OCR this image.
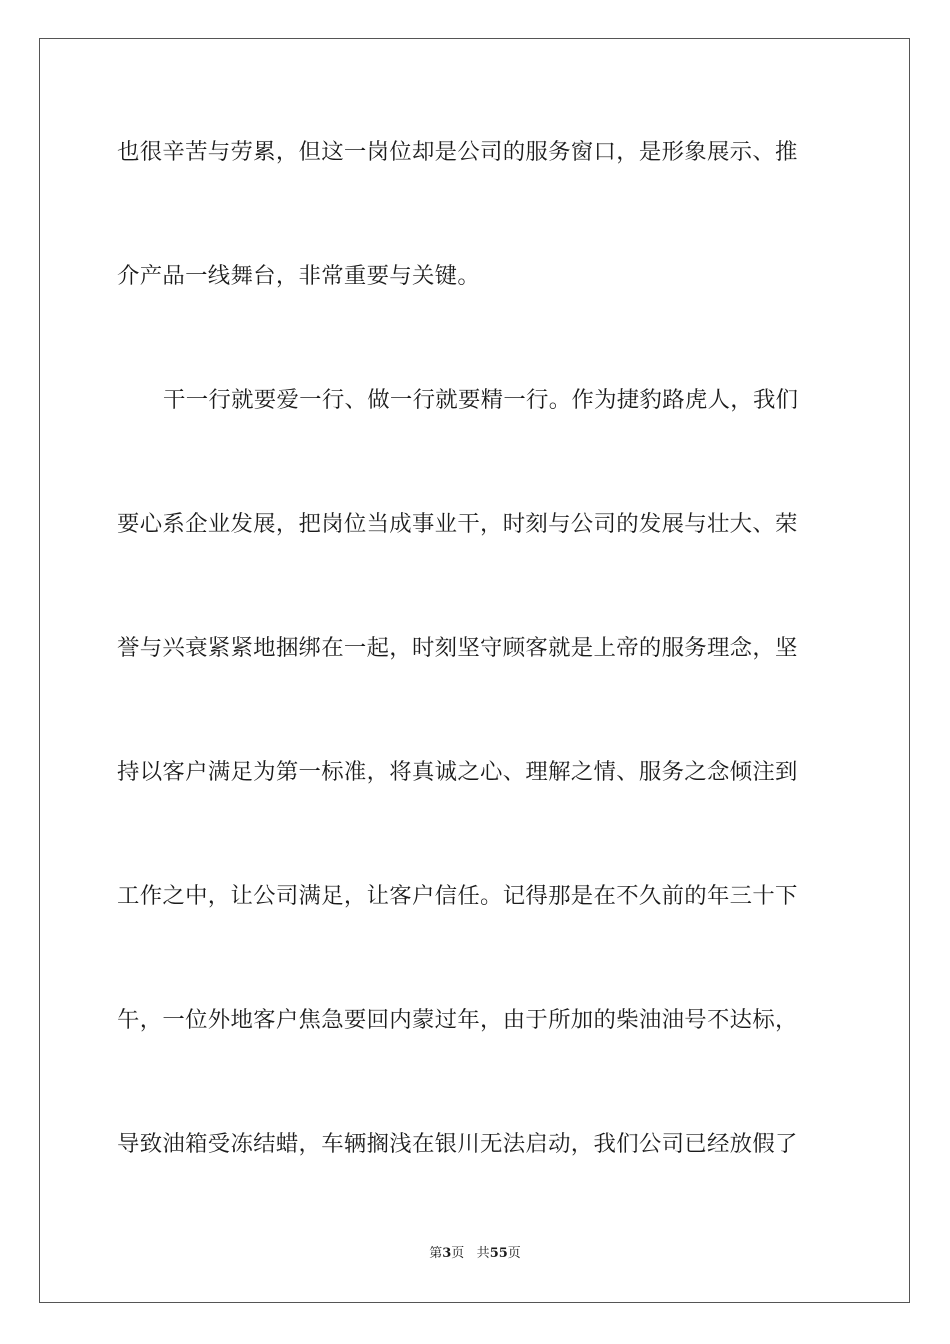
也很辛苦与劳累，但这一岗位却是公司的服务窗口，是形象展示、推
介产品一线舞台，非常重要与关键。
干一行就要爱一行、做一行就要精一行。作为捷豹路虎人，我们
要心系企业发展，把岗位当成事业干，时刻与公司的发展与壮大、荣
誉与兴衰紧紧地捆绑在一起，时刻坚守顾客就是上帝的服务理念，坚
持以客户满足为第一标准，将真诚之心、理解之情、服务之念倾注到
工作之中，让公司满足，让客户信任。记得那是在不久前的年三十下
午，一位外地客户焦急要回内蒙过年，由于所加的柴油油号不达标，
导致油箱受冻结蜡，车辆搁浅在银川无法启动，我们公司已经放假了
第3页 共55页
